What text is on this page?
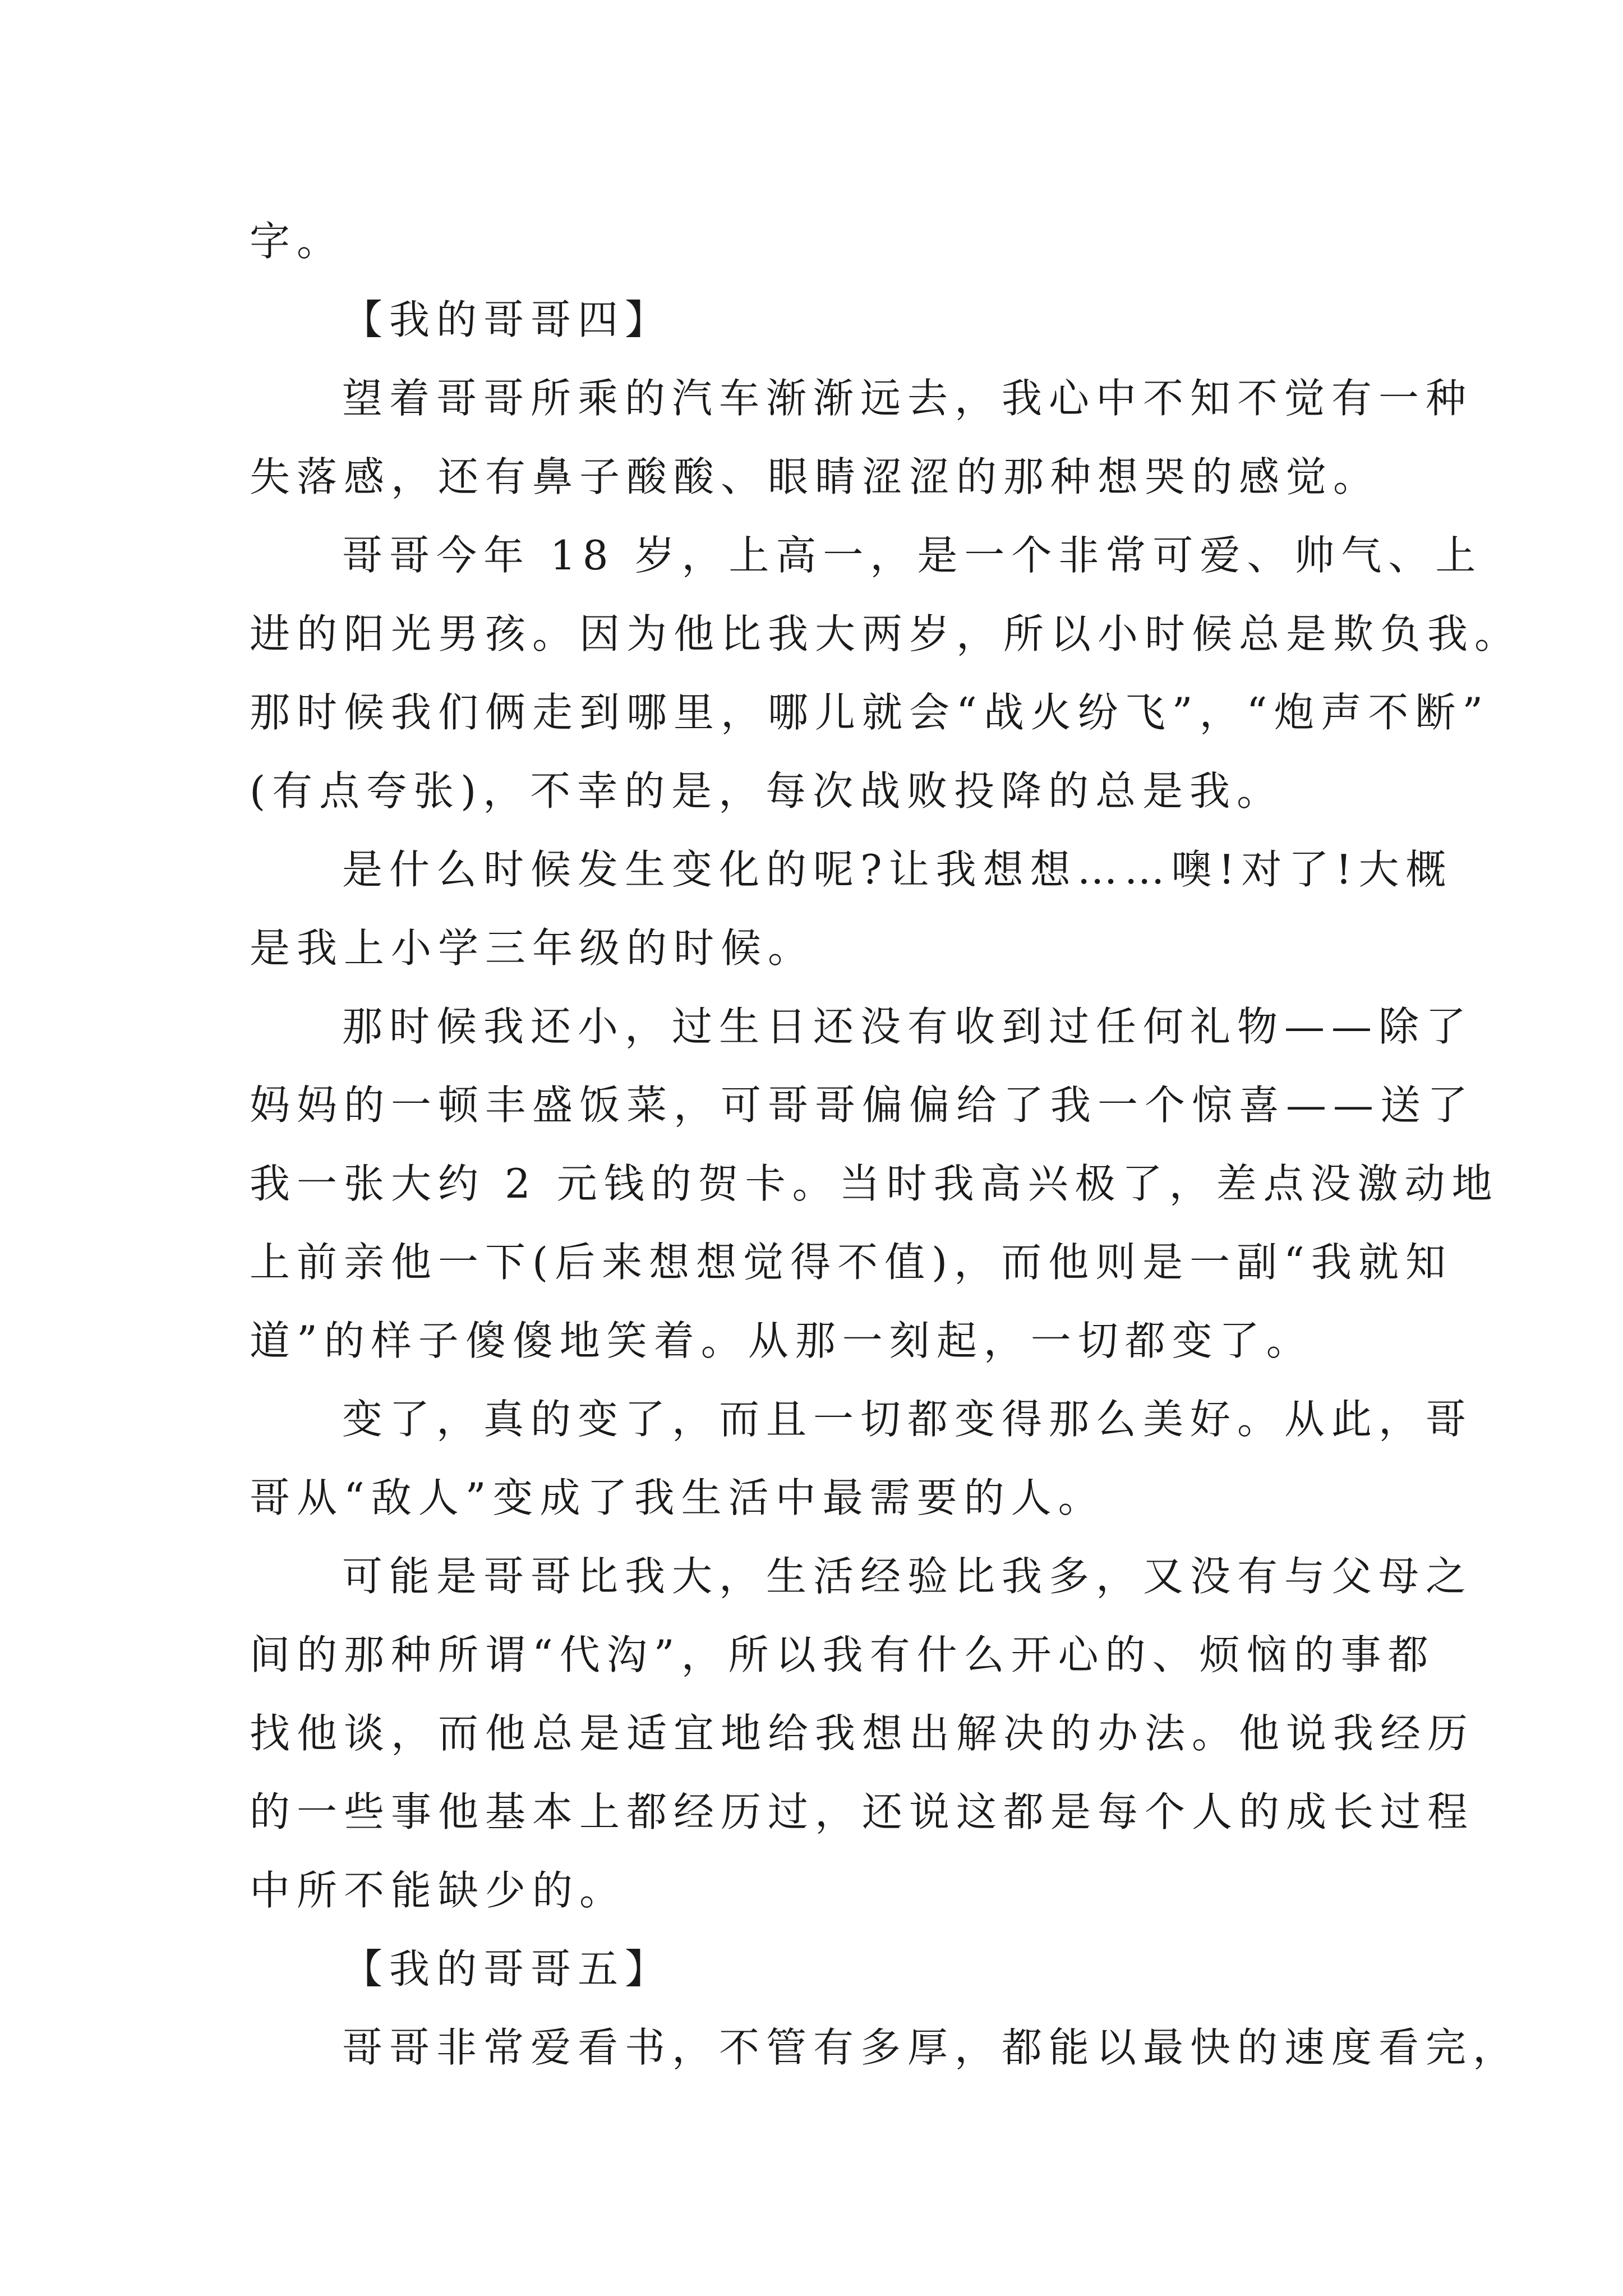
字。
【我的哥哥四】
望着哥哥所乘的汽车渐渐远去，我心中不知不觉有一种
失落感，还有鼻子酸酸、眼睛涩涩的那种想哭的感觉。
哥哥今年 18 岁，上高一，是一个非常可爱、帅气、上
进的阳光男孩。因为他比我大两岁，所以小时候总是欺负我。
那时候我们俩走到哪里，哪儿就会“战火纷飞”，“炮声不断”
(有点夸张)，不幸的是，每次战败投降的总是我。
是什么时候发生变化的呢?让我想想……噢!对了!大概
是我上小学三年级的时候。
那时候我还小，过生日还没有收到过任何礼物——除了
妈妈的一顿丰盛饭菜，可哥哥偏偏给了我一个惊喜——送了
我一张大约 2 元钱的贺卡。当时我高兴极了，差点没激动地
上前亲他一下(后来想想觉得不值)，而他则是一副“我就知
道”的样子傻傻地笑着。从那一刻起，一切都变了。
变了，真的变了，而且一切都变得那么美好。从此，哥
哥从“敌人”变成了我生活中最需要的人。
可能是哥哥比我大，生活经验比我多，又没有与父母之
间的那种所谓“代沟”，所以我有什么开心的、烦恼的事都
找他谈，而他总是适宜地给我想出解决的办法。他说我经历
的一些事他基本上都经历过，还说这都是每个人的成长过程
中所不能缺少的。
【我的哥哥五】
哥哥非常爱看书，不管有多厚，都能以最快的速度看完，
